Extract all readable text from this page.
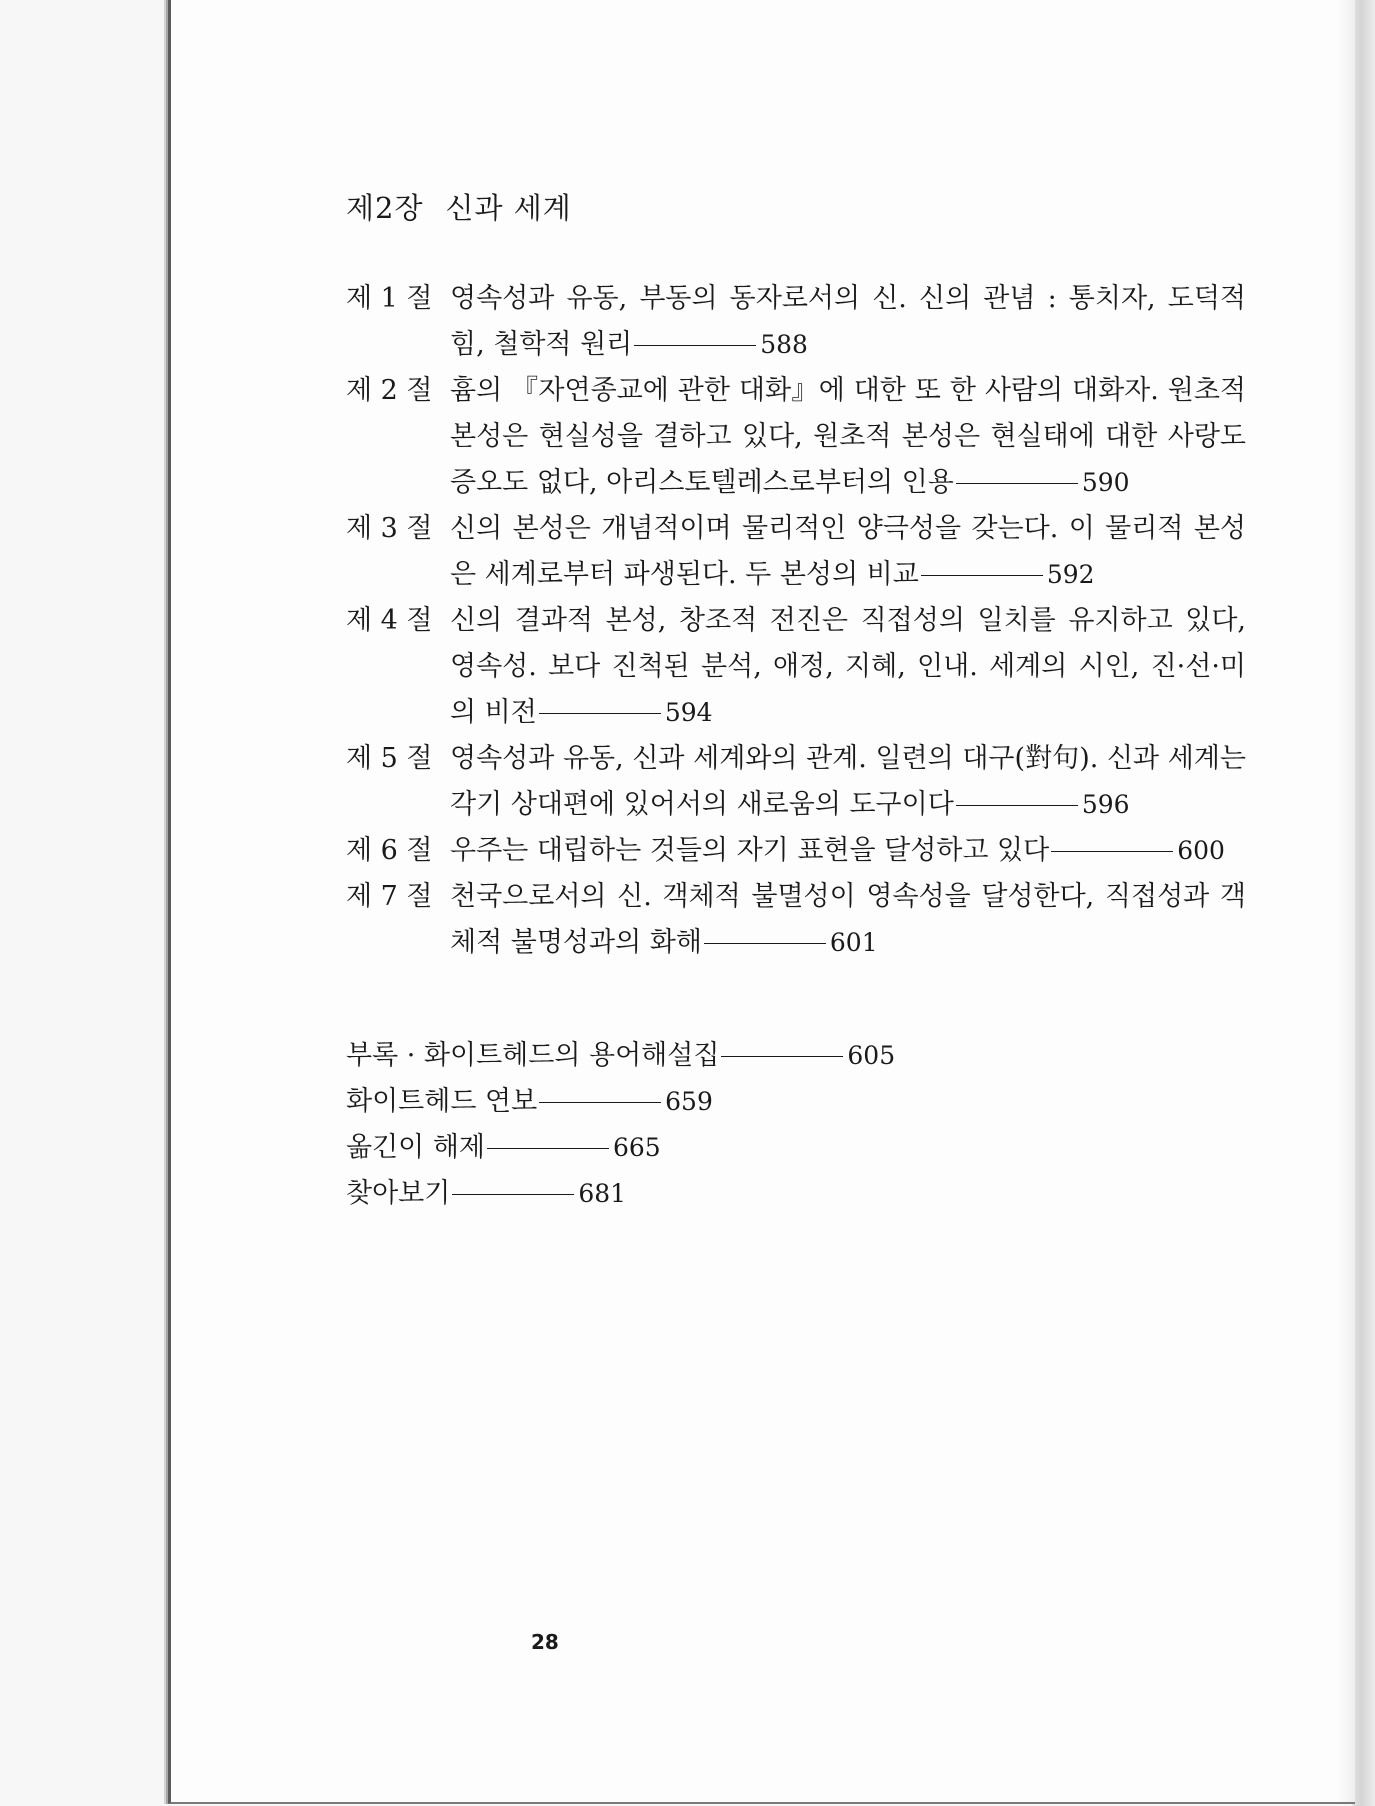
제2장 신과 세계
제 1 절 영속성과 유동, 부동의 동자로서의 신. 신의 관념 : 통치자, 도덕적 힘, 철학적 원리	588
제 2 절 흄의 『자연종교에 관한 대화』에 대한 또 한 사람의 대화자. 원초적 본성은 현실성을 결하고 있다, 원초적 본성은 현실태에 대한 사랑도 증오도 없다, 아리스토텔레스로부터의 인용	590
제 3 절 신의 본성은 개념적이며 물리적인 양극성을 갖는다. 이 물리적 본성은 세계로부터 파생된다. 두 본성의 비교	592
제 4 절 신의 결과적 본성, 창조적 전진은 직접성의 일치를 유지하고 있다, 영속성. 보다 진척된 분석, 애정, 지혜, 인내. 세계의 시인, 진·선·미의 비전	594
제 5 절 영속성과 유동, 신과 세계와의 관계. 일련의 대구(對句). 신과 세계는 각기 상대편에 있어서의 새로움의 도구이다	596
제 6 절 우주는 대립하는 것들의 자기 표현을 달성하고 있다	600
제 7 절 천국으로서의 신. 객체적 불멸성이 영속성을 달성한다, 직접성과 객체적 불명성과의 화해	601
부록 · 화이트헤드의 용어해설집	605
화이트헤드 연보	659
옮긴이 해제	665
찾아보기	681
28
